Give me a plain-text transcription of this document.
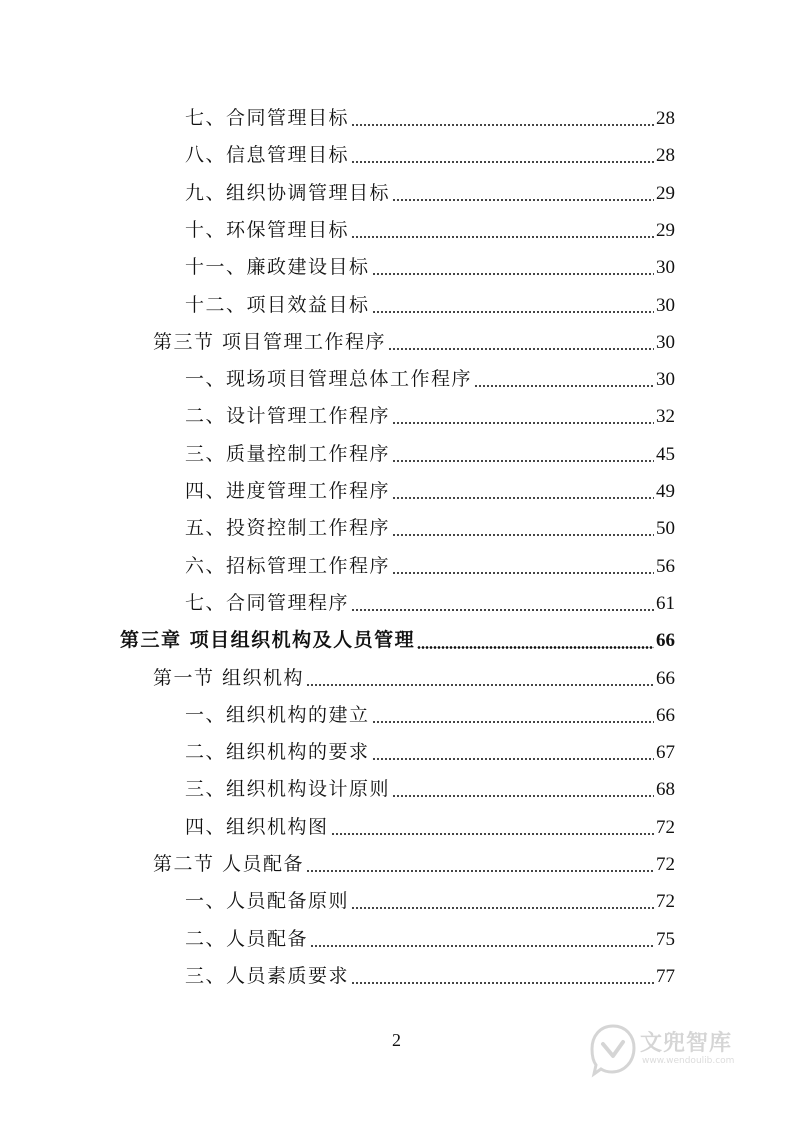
七、合同管理目标	28
八、信息管理目标	28
九、组织协调管理目标	29
十、环保管理目标	29
十一、廉政建设目标	30
十二、项目效益目标	30
第三节 项目管理工作程序	30
一、现场项目管理总体工作程序	30
二、设计管理工作程序	32
三、质量控制工作程序	45
四、进度管理工作程序	49
五、投资控制工作程序	50
六、招标管理工作程序	56
七、合同管理程序	61
第三章 项目组织机构及人员管理	66
第一节 组织机构	66
一、组织机构的建立	66
二、组织机构的要求	67
三、组织机构设计原则	68
四、组织机构图	72
第二节 人员配备	72
一、人员配备原则	72
二、人员配备	75
三、人员素质要求	77
2	文兜智库
www.wendoulib.com
